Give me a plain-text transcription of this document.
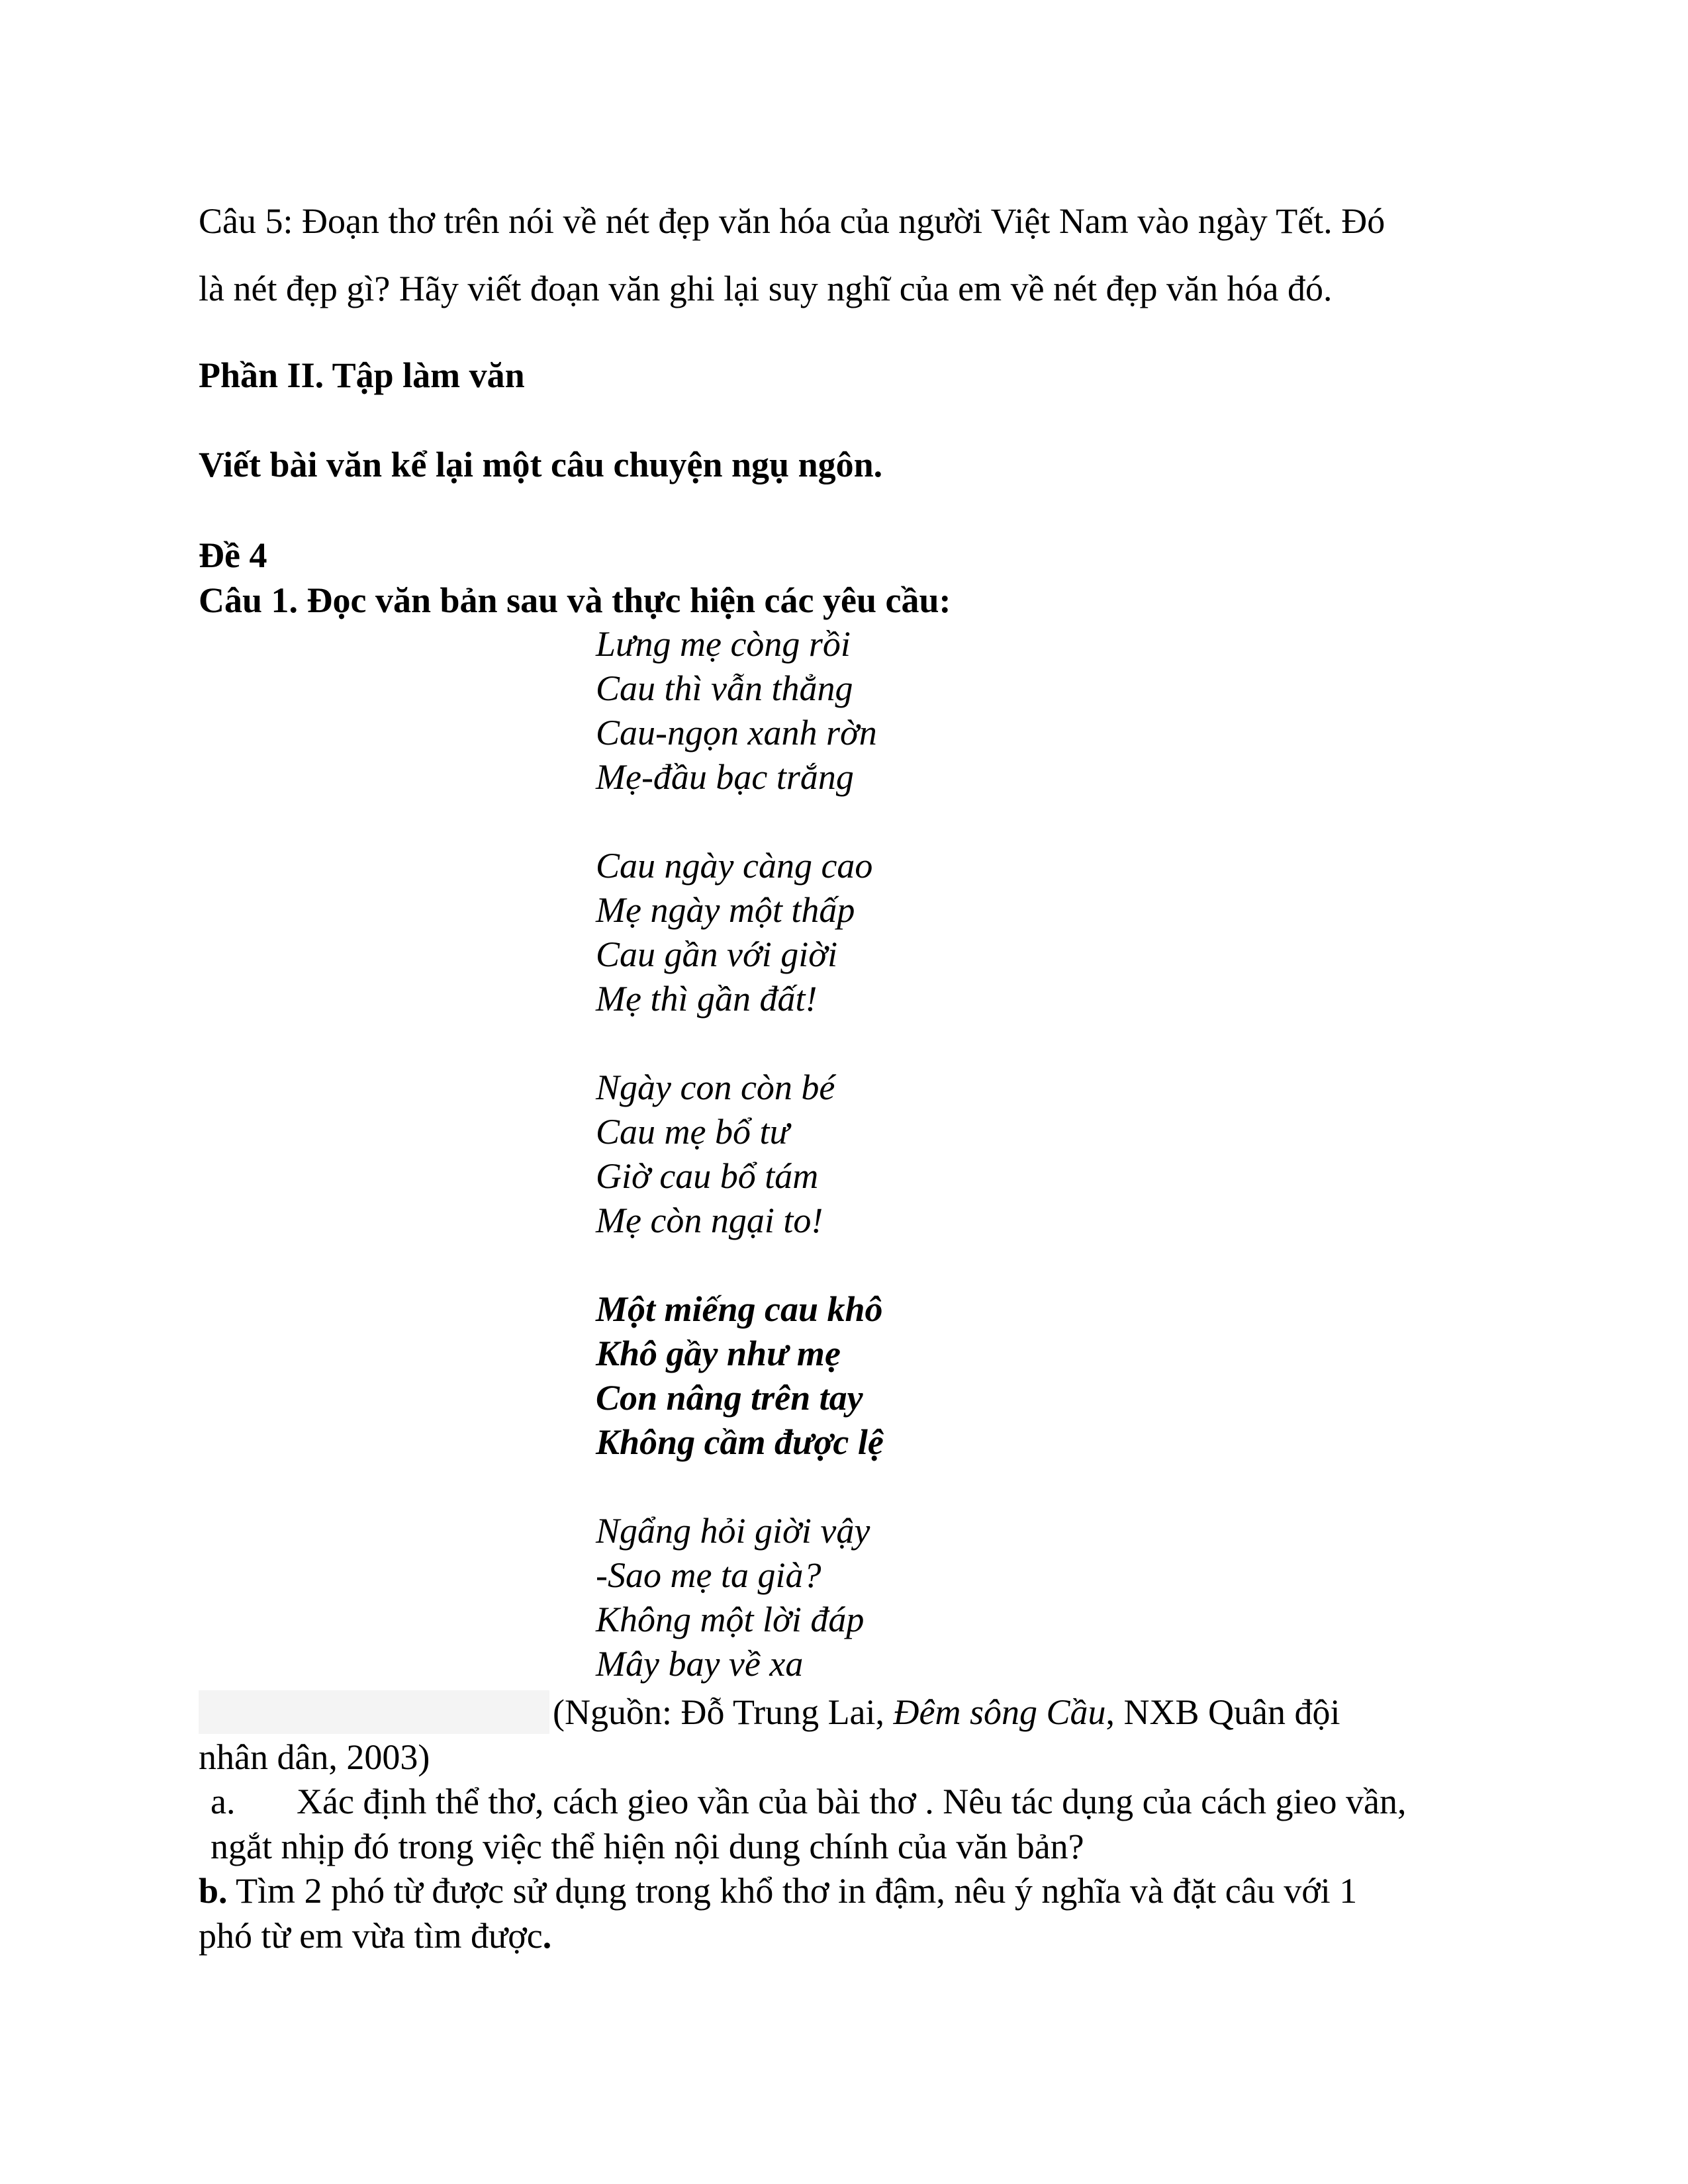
Câu 5: Đoạn thơ trên nói về nét đẹp văn hóa của người Việt Nam vào ngày Tết. Đó
là nét đẹp gì? Hãy viết đoạn văn ghi lại suy nghĩ của em về nét đẹp văn hóa đó.
Phần II. Tập làm văn
Viết bài văn kể lại một câu chuyện ngụ ngôn.
Đề 4
Câu 1. Đọc văn bản sau và thực hiện các yêu cầu:
Lưng mẹ còng rồi
Cau thì vẫn thẳng
Cau-ngọn xanh rờn
Mẹ-đầu bạc trắng
Cau ngày càng cao
Mẹ ngày một thấp
Cau gần với giời
Mẹ thì gần đất!
Ngày con còn bé
Cau mẹ bổ tư
Giờ cau bổ tám
Mẹ còn ngại to!
Một miếng cau khô
Khô gầy như mẹ
Con nâng trên tay
Không cầm được lệ
Ngẩng hỏi giời vậy
-Sao mẹ ta già?
Không một lời đáp
Mây bay về xa
(Nguồn: Đỗ Trung Lai, Đêm sông Cầu, NXB Quân đội
nhân dân, 2003)
a. Xác định thể thơ, cách gieo vần của bài thơ . Nêu tác dụng của cách gieo vần,
ngắt nhịp đó trong việc thể hiện nội dung chính của văn bản?
b. Tìm 2 phó từ được sử dụng trong khổ thơ in đậm, nêu ý nghĩa và đặt câu với 1
phó từ em vừa tìm được.
